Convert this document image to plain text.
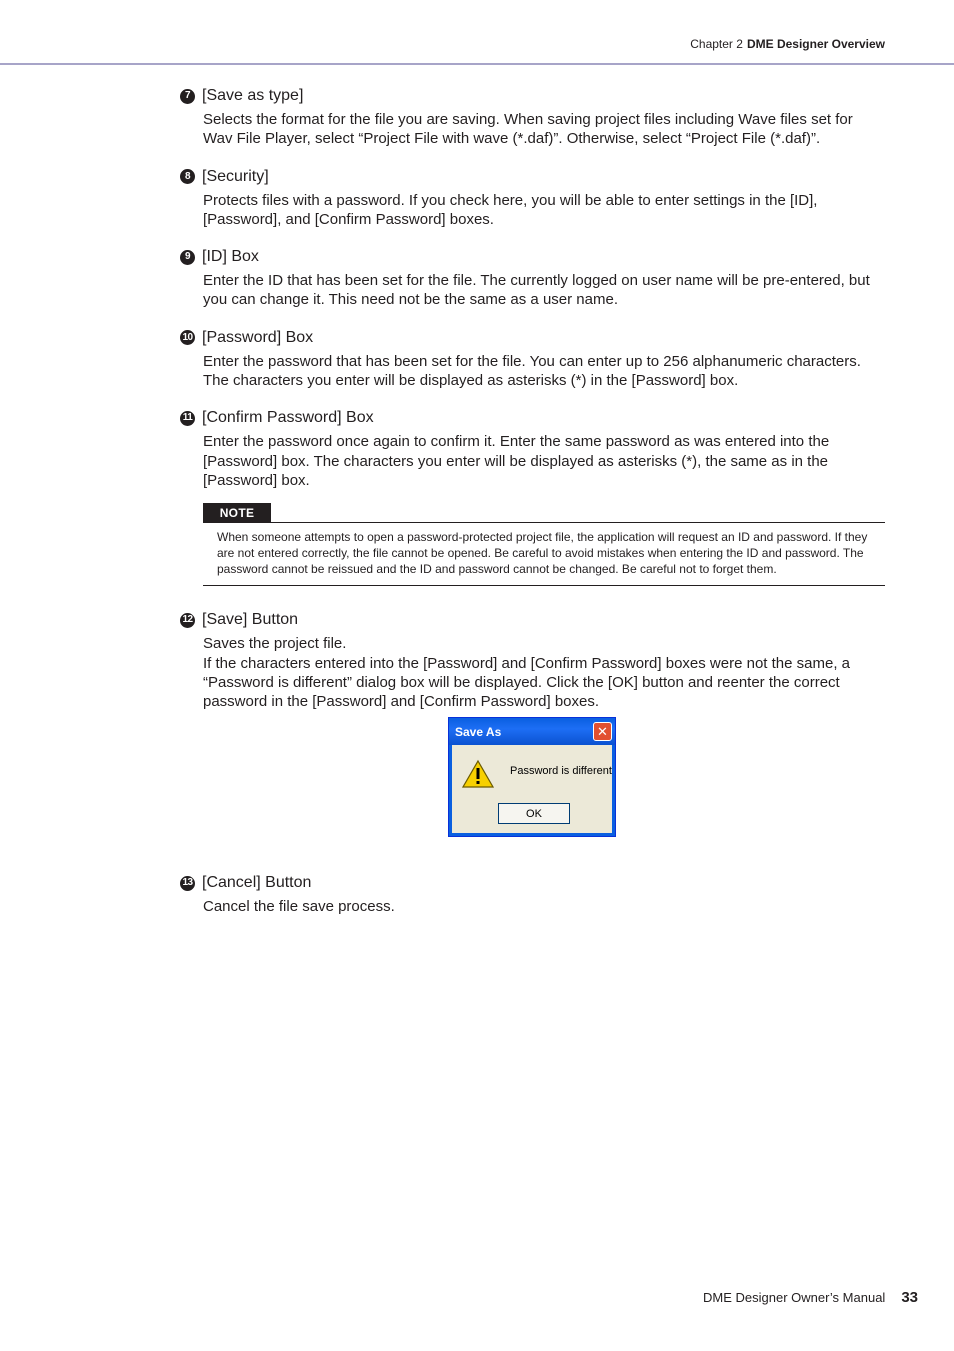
Chapter 2 DME Designer Overview
7 [Save as type]
Selects the format for the file you are saving. When saving project files including Wave files set for Wav File Player, select “Project File with wave (*.daf)”. Otherwise, select “Project File (*.daf)”.
8 [Security]
Protects files with a password. If you check here, you will be able to enter settings in the [ID], [Password], and [Confirm Password] boxes.
9 [ID] Box
Enter the ID that has been set for the file. The currently logged on user name will be pre-entered, but you can change it. This need not be the same as a user name.
10 [Password] Box
Enter the password that has been set for the file. You can enter up to 256 alphanumeric characters. The characters you enter will be displayed as asterisks (*) in the [Password] box.
11 [Confirm Password] Box
Enter the password once again to confirm it. Enter the same password as was entered into the [Password] box. The characters you enter will be displayed as asterisks (*), the same as in the [Password] box.
NOTE
When someone attempts to open a password-protected project file, the application will request an ID and password. If they are not entered correctly, the file cannot be opened. Be careful to avoid mistakes when entering the ID and password. The password cannot be reissued and the ID and password cannot be changed. Be careful not to forget them.
12 [Save] Button
Saves the project file.
If the characters entered into the [Password] and [Confirm Password] boxes were not the same, a “Password is different” dialog box will be displayed. Click the [OK] button and reenter the correct password in the [Password] and [Confirm Password] boxes.
Save As	✕
Password is different
OK
13 [Cancel] Button
Cancel the file save process.
DME Designer Owner’s Manual 33
